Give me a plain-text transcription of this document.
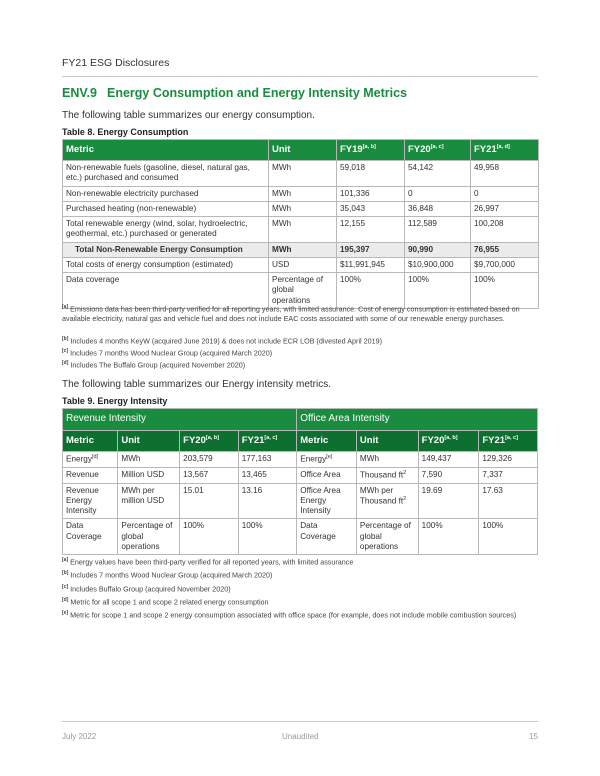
FY21 ESG Disclosures
ENV.9 Energy Consumption and Energy Intensity Metrics
The following table summarizes our energy consumption.
Table 8. Energy Consumption
Metric	Unit	FY19[a, b]	FY20[a, c]	FY21[a, d]
Non-renewable fuels (gasoline, diesel, natural gas, etc.) purchased and consumed	MWh	59,018	54,142	49,958
Non-renewable electricity purchased	MWh	101,336	0	0
Purchased heating (non-renewable)	MWh	35,043	36,848	26,997
Total renewable energy (wind, solar, hydroelectric, geothermal, etc.) purchased or generated	MWh	12,155	112,589	100,208
Total Non-Renewable Energy Consumption	MWh	195,397	90,990	76,955
Total costs of energy consumption (estimated)	USD	$11,991,945	$10,900,000	$9,700,000
Data coverage	Percentage of global operations	100%	100%	100%
[a] Emissions data has been third-party verified for all reporting years, with limited assurance. Cost of energy consumption is estimated based on available electricity, natural gas and vehicle fuel and does not include EAC costs associated with some of our renewable energy purchases.
[b] Includes 4 months KeyW (acquired June 2019) & does not include ECR LOB (divested April 2019)
[c] Includes 7 months Wood Nuclear Group (acquired March 2020)
[d] Includes The Buffalo Group (acquired November 2020)
The following table summarizes our Energy intensity metrics.
Table 9. Energy Intensity
Revenue Intensity				Office Area Intensity			
Metric	Unit	FY20[a, b]	FY21[a, c]	Metric	Unit	FY20[a, b]	FY21[a, c]
Energy[d]	MWh	203,579	177,163	Energy[e]	MWh	149,437	129,326
Revenue	Million USD	13,567	13,465	Office Area	Thousand $ft^2$	7,590	7,337
Revenue Energy Intensity	MWh per million USD	15.01	13.16	Office Area Energy Intensity	MWh per Thousand $ft^2$	19.69	17.63
Data Coverage	Percentage of global operations	100%	100%	Data Coverage	Percentage of global operations	100%	100%
[a] Energy values have been third-party verified for all reported years, with limited assurance
[b] Includes 7 months Wood Nuclear Group (acquired March 2020)
[c] Includes Buffalo Group (acquired November 2020)
[d] Metric for all scope 1 and scope 2 related energy consumption
[e] Metric for scope 1 and scope 2 energy consumption associated with office space (for example, does not include mobile combustion sources)
July 2022	Unaudited	15
